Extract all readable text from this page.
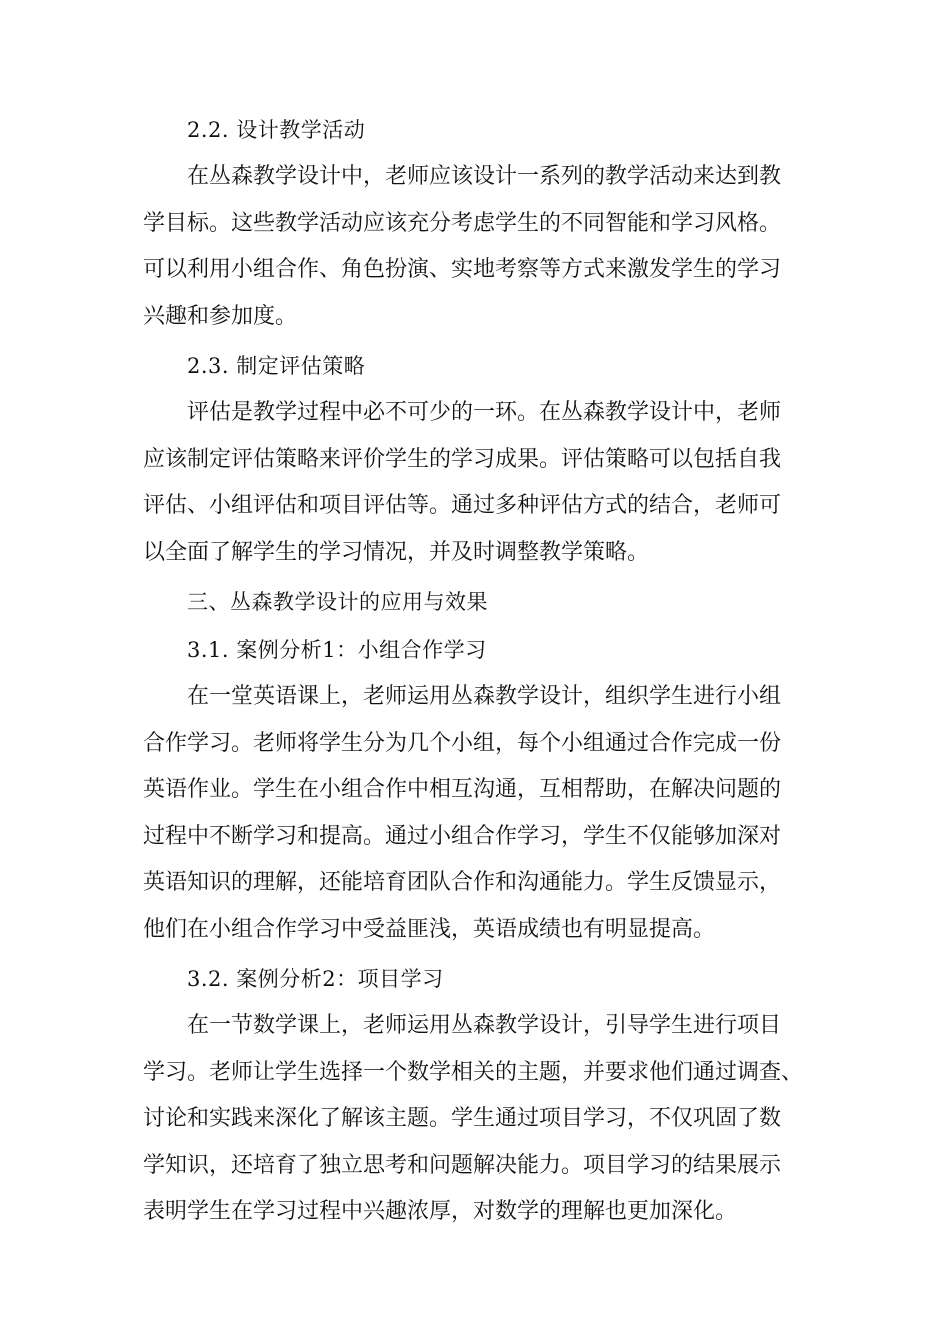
2.2. 设计教学活动
在丛森教学设计中，老师应该设计一系列的教学活动来达到教
学目标。这些教学活动应该充分考虑学生的不同智能和学习风格。
可以利用小组合作、角色扮演、实地考察等方式来激发学生的学习
兴趣和参加度。
2.3. 制定评估策略
评估是教学过程中必不可少的一环。在丛森教学设计中，老师
应该制定评估策略来评价学生的学习成果。评估策略可以包括自我
评估、小组评估和项目评估等。通过多种评估方式的结合，老师可
以全面了解学生的学习情况，并及时调整教学策略。
三、丛森教学设计的应用与效果
3.1. 案例分析1：小组合作学习
在一堂英语课上，老师运用丛森教学设计，组织学生进行小组
合作学习。老师将学生分为几个小组，每个小组通过合作完成一份
英语作业。学生在小组合作中相互沟通，互相帮助，在解决问题的
过程中不断学习和提高。通过小组合作学习，学生不仅能够加深对
英语知识的理解，还能培育团队合作和沟通能力。学生反馈显示，
他们在小组合作学习中受益匪浅，英语成绩也有明显提高。
3.2. 案例分析2：项目学习
在一节数学课上，老师运用丛森教学设计，引导学生进行项目
学习。老师让学生选择一个数学相关的主题，并要求他们通过调查、
讨论和实践来深化了解该主题。学生通过项目学习，不仅巩固了数
学知识，还培育了独立思考和问题解决能力。项目学习的结果展示
表明学生在学习过程中兴趣浓厚，对数学的理解也更加深化。
